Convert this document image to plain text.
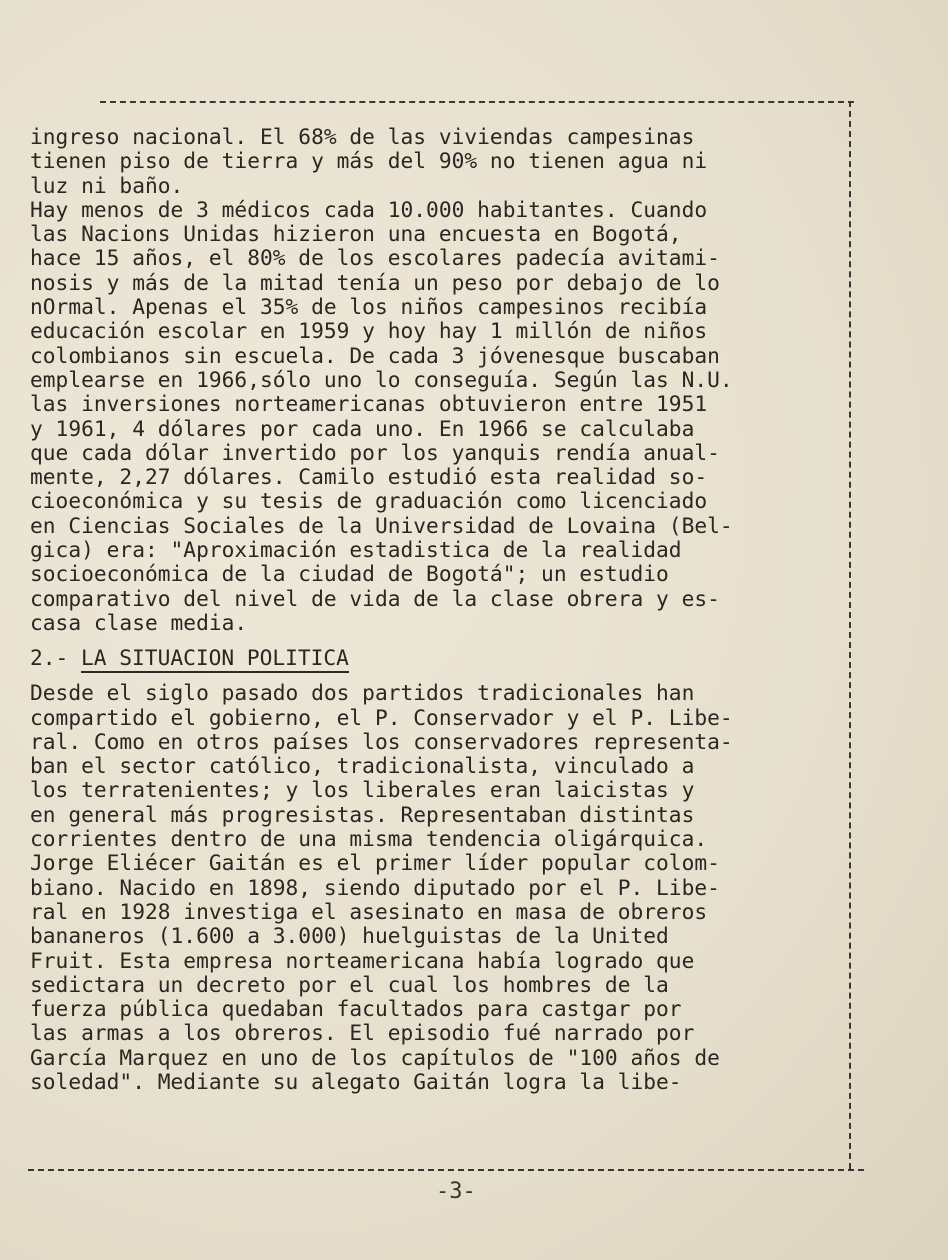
ingreso nacional. El 68% de las viviendas campesinas
tienen piso de tierra y más del 90% no tienen agua ni
luz ni baño.
Hay menos de 3 médicos cada 10.000 habitantes. Cuando
las Nacions Unidas hizieron una encuesta en Bogotá,
hace 15 años, el 80% de los escolares padecía avitami-
nosis y más de la mitad tenía un peso por debajo de lo
nOrmal. Apenas el 35% de los niños campesinos recibía
educación escolar en 1959 y hoy hay 1 millón de niños
colombianos sin escuela. De cada 3 jóvenesque buscaban
emplearse en 1966,sólo uno lo conseguía. Según las N.U.
las inversiones norteamericanas obtuvieron entre 1951
y 1961, 4 dólares por cada uno. En 1966 se calculaba
que cada dólar invertido por los yanquis rendía anual-
mente, 2,27 dólares. Camilo estudió esta realidad so-
cioeconómica y su tesis de graduación como licenciado
en Ciencias Sociales de la Universidad de Lovaina (Bel-
gica) era: "Aproximación estadistica de la realidad
socioeconómica de la ciudad de Bogotá"; un estudio
comparativo del nivel de vida de la clase obrera y es-
casa clase media.
2.- LA SITUACION POLITICA
Desde el siglo pasado dos partidos tradicionales han
compartido el gobierno, el P. Conservador y el P. Libe-
ral. Como en otros países los conservadores representa-
ban el sector católico, tradicionalista, vinculado a
los terratenientes; y los liberales eran laicistas y
en general más progresistas. Representaban distintas
corrientes dentro de una misma tendencia oligárquica.
Jorge Eliécer Gaitán es el primer líder popular colom-
biano. Nacido en 1898, siendo diputado por el P. Libe-
ral en 1928 investiga el asesinato en masa de obreros
bananeros (1.600 a 3.000) huelguistas de la United
Fruit. Esta empresa norteamericana había logrado que
sedictara un decreto por el cual los hombres de la
fuerza pública quedaban facultados para castgar por
las armas a los obreros. El episodio fué narrado por
García Marquez en uno de los capítulos de "100 años de
soledad". Mediante su alegato Gaitán logra la libe-
-3-
